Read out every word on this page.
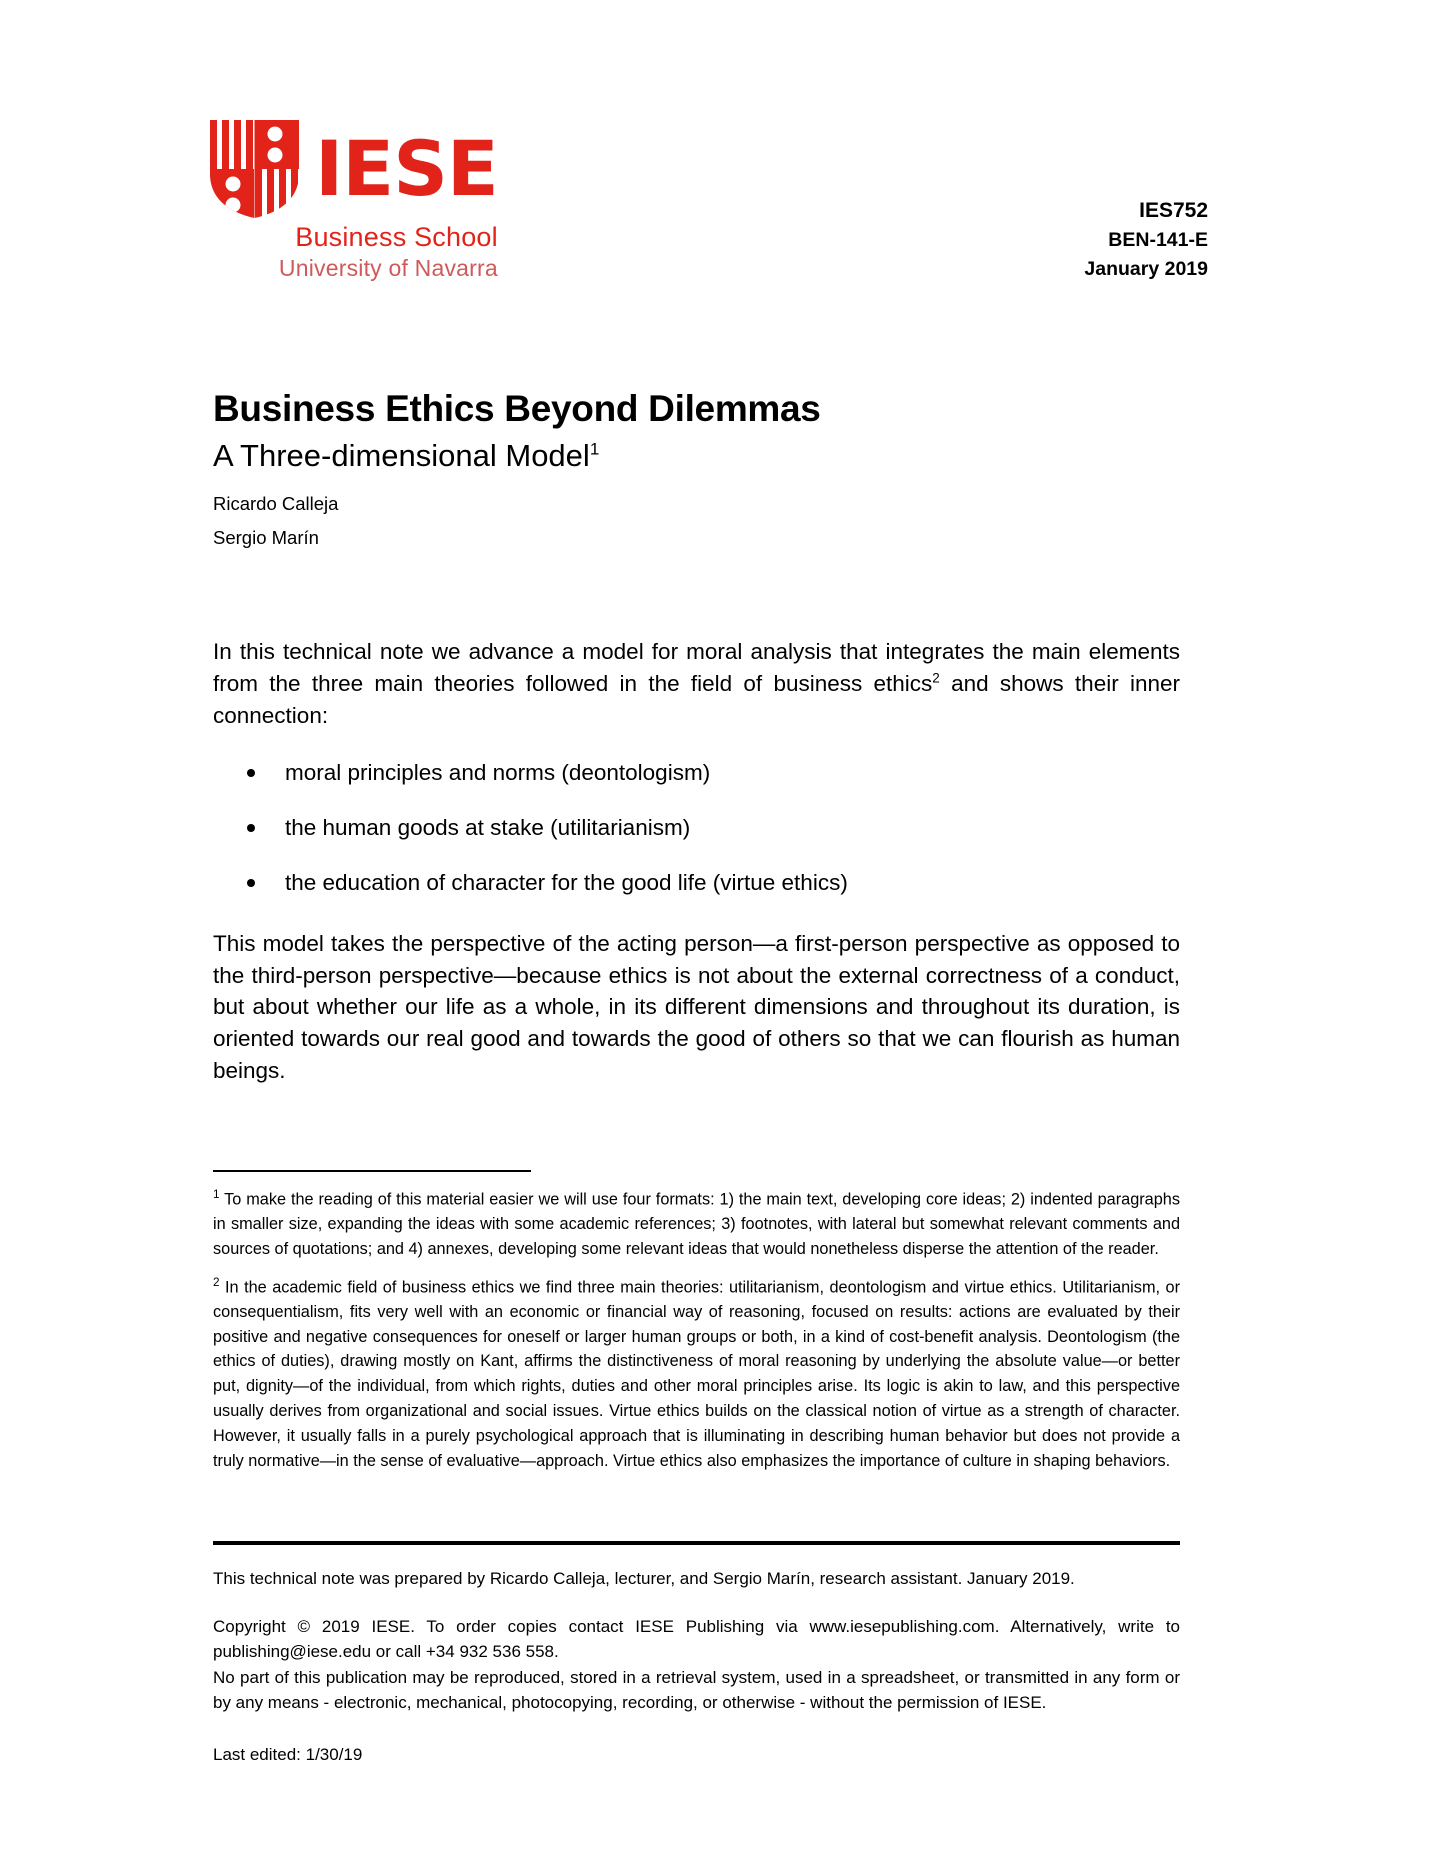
IESE
Business School
University of Navarra
IES752
BEN-141-E
January 2019
Business Ethics Beyond Dilemmas
A Three-dimensional Model$^1$
Ricardo Calleja
Sergio Marín

In this technical note we advance a model for moral analysis that integrates the main elements from the three main theories followed in the field of business ethics$^2$ and shows their inner connection:

moral principles and norms (deontologism)
the human goods at stake (utilitarianism)
the education of character for the good life (virtue ethics)

This model takes the perspective of the acting person—a first-person perspective as opposed to the third-person perspective—because ethics is not about the external correctness of a conduct, but about whether our life as a whole, in its different dimensions and throughout its duration, is oriented towards our real good and towards the good of others so that we can flourish as human beings.

$^1$ To make the reading of this material easier we will use four formats: 1) the main text, developing core ideas; 2) indented paragraphs in smaller size, expanding the ideas with some academic references; 3) footnotes, with lateral but somewhat relevant comments and sources of quotations; and 4) annexes, developing some relevant ideas that would nonetheless disperse the attention of the reader.

$^2$ In the academic field of business ethics we find three main theories: utilitarianism, deontologism and virtue ethics. Utilitarianism, or consequentialism, fits very well with an economic or financial way of reasoning, focused on results: actions are evaluated by their positive and negative consequences for oneself or larger human groups or both, in a kind of cost-benefit analysis. Deontologism (the ethics of duties), drawing mostly on Kant, affirms the distinctiveness of moral reasoning by underlying the absolute value—or better put, dignity—of the individual, from which rights, duties and other moral principles arise. Its logic is akin to law, and this perspective usually derives from organizational and social issues. Virtue ethics builds on the classical notion of virtue as a strength of character. However, it usually falls in a purely psychological approach that is illuminating in describing human behavior but does not provide a truly normative—in the sense of evaluative—approach. Virtue ethics also emphasizes the importance of culture in shaping behaviors.

This technical note was prepared by Ricardo Calleja, lecturer, and Sergio Marín, research assistant. January 2019.

Copyright © 2019 IESE. To order copies contact IESE Publishing via www.iesepublishing.com. Alternatively, write to publishing@iese.edu or call +34 932 536 558.

No part of this publication may be reproduced, stored in a retrieval system, used in a spreadsheet, or transmitted in any form or by any means - electronic, mechanical, photocopying, recording, or otherwise - without the permission of IESE.

Last edited: 1/30/19
